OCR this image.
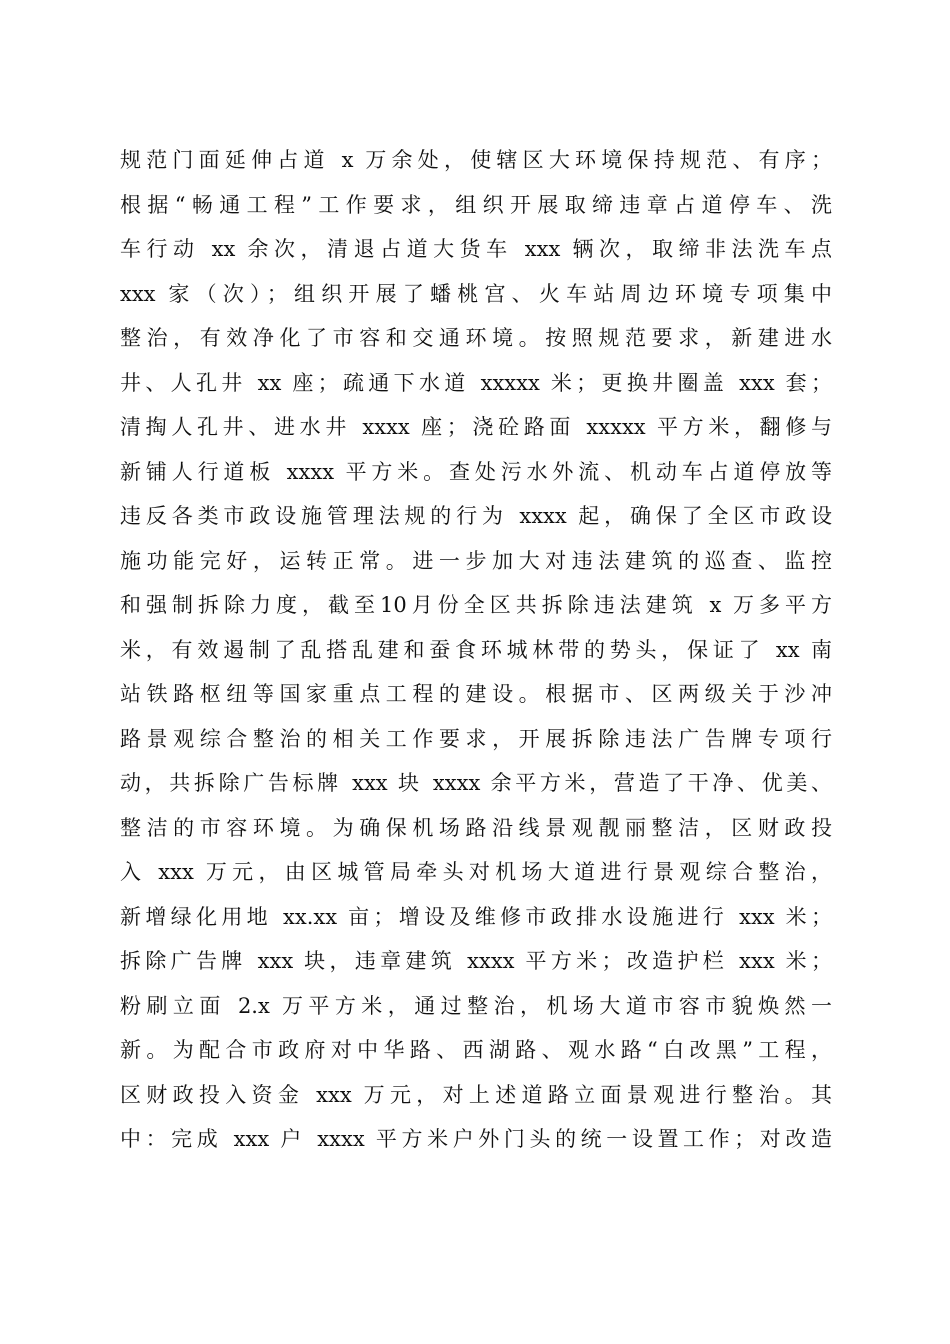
规范门面延伸占道 x 万余处，使辖区大环境保持规范、有序；
根据“畅通工程”工作要求，组织开展取缔违章占道停车、洗
车行动 xx 余次，清退占道大货车 xxx 辆次，取缔非法洗车点
xxx 家（次）；组织开展了蟠桃宫、火车站周边环境专项集中
整治，有效净化了市容和交通环境。按照规范要求，新建进水
井、人孔井 xx 座；疏通下水道 xxxxx 米；更换井圈盖 xxx 套；
清掏人孔井、进水井 xxxx 座；浇砼路面 xxxxx 平方米，翻修与
新铺人行道板 xxxx 平方米。查处污水外流、机动车占道停放等
违反各类市政设施管理法规的行为 xxxx 起，确保了全区市政设
施功能完好，运转正常。进一步加大对违法建筑的巡查、监控
和强制拆除力度，截至10月份全区共拆除违法建筑 x 万多平方
米，有效遏制了乱搭乱建和蚕食环城林带的势头，保证了 xx 南
站铁路枢纽等国家重点工程的建设。根据市、区两级关于沙冲
路景观综合整治的相关工作要求，开展拆除违法广告牌专项行
动，共拆除广告标牌 xxx 块 xxxx 余平方米，营造了干净、优美、
整洁的市容环境。为确保机场路沿线景观靓丽整洁，区财政投
入 xxx 万元，由区城管局牵头对机场大道进行景观综合整治，
新增绿化用地 xx.xx 亩；增设及维修市政排水设施进行 xxx 米；
拆除广告牌 xxx 块，违章建筑 xxxx 平方米；改造护栏 xxx 米；
粉刷立面 2.x 万平方米，通过整治，机场大道市容市貌焕然一
新。为配合市政府对中华路、西湖路、观水路“白改黑”工程，
区财政投入资金 xxx 万元，对上述道路立面景观进行整治。其
中：完成 xxx 户 xxxx 平方米户外门头的统一设置工作；对改造
